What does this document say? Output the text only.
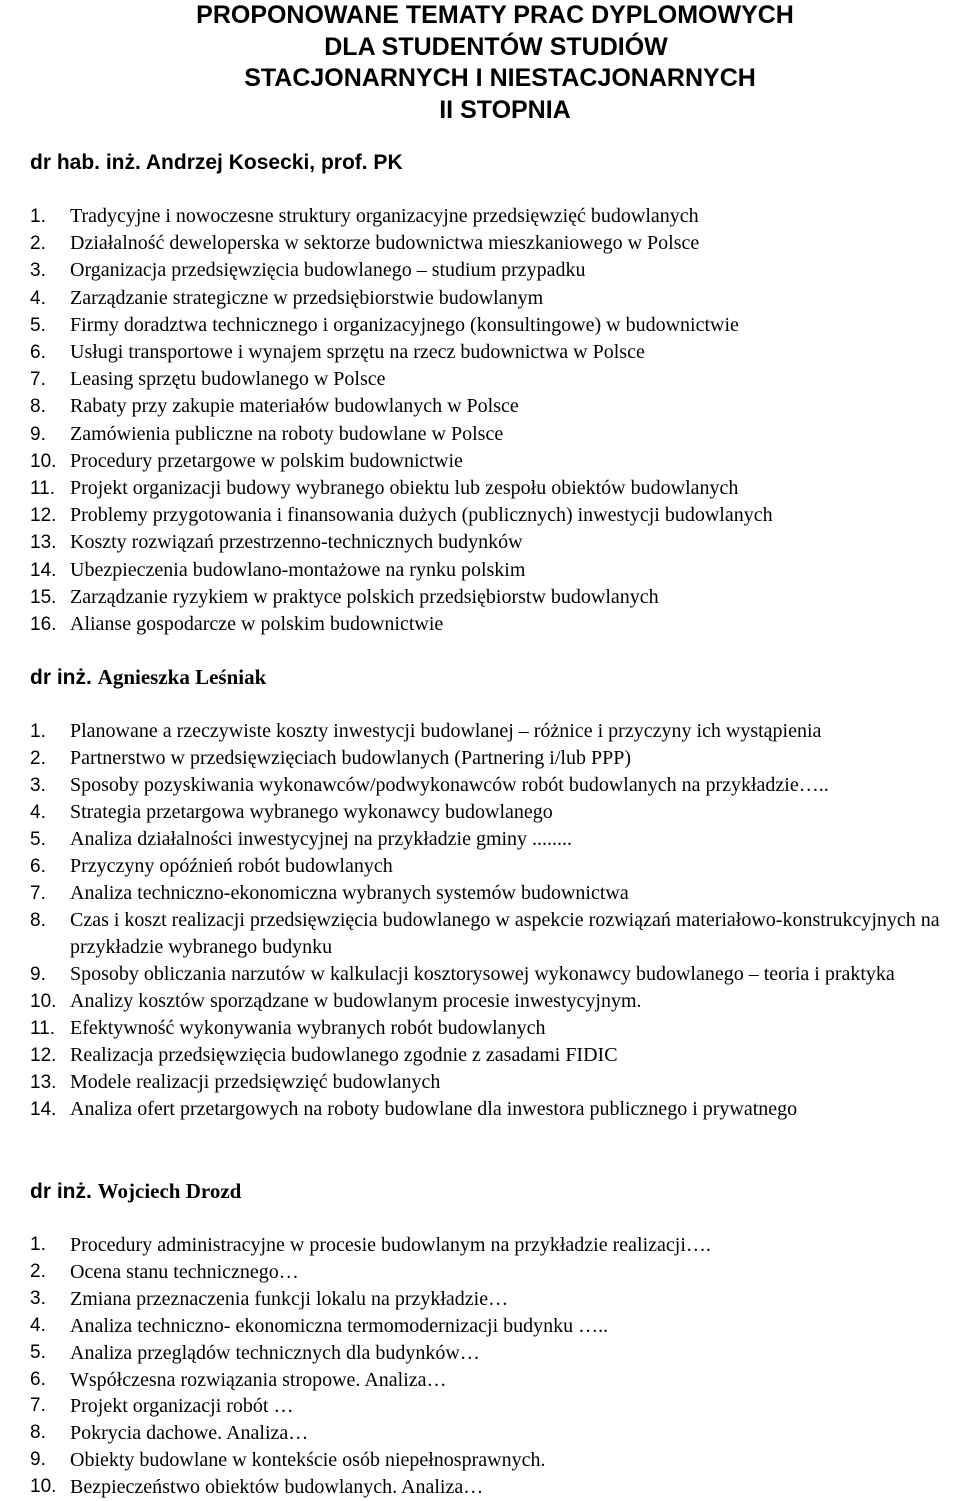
PROPONOWANE TEMATY PRAC DYPLOMOWYCH
DLA STUDENTÓW STUDIÓW
STACJONARNYCH I NIESTACJONARNYCH
II STOPNIA
dr hab. inż. Andrzej Kosecki, prof. PK
1. Tradycyjne i nowoczesne struktury organizacyjne przedsięwzięć budowlanych
2. Działalność deweloperska w sektorze budownictwa mieszkaniowego w Polsce
3. Organizacja przedsięwzięcia budowlanego – studium przypadku
4. Zarządzanie strategiczne w przedsiębiorstwie budowlanym
5. Firmy doradztwa technicznego i organizacyjnego (konsultingowe) w budownictwie
6. Usługi transportowe i wynajem sprzętu na rzecz budownictwa w Polsce
7. Leasing sprzętu budowlanego w Polsce
8. Rabaty przy zakupie materiałów budowlanych w Polsce
9. Zamówienia publiczne na roboty budowlane w Polsce
10. Procedury przetargowe w polskim budownictwie
11. Projekt organizacji budowy wybranego obiektu lub zespołu obiektów budowlanych
12. Problemy przygotowania i finansowania dużych (publicznych) inwestycji budowlanych
13. Koszty rozwiązań przestrzenno-technicznych budynków
14. Ubezpieczenia budowlano-montażowe na rynku polskim
15. Zarządzanie ryzykiem w praktyce polskich przedsiębiorstw budowlanych
16. Alianse gospodarcze w polskim budownictwie
dr inż. Agnieszka Leśniak
1. Planowane a rzeczywiste koszty inwestycji budowlanej – różnice i przyczyny ich wystąpienia
2. Partnerstwo w przedsięwzięciach budowlanych (Partnering i/lub PPP)
3. Sposoby pozyskiwania wykonawców/podwykonawców robót budowlanych na przykładzie…..
4. Strategia przetargowa wybranego wykonawcy budowlanego
5. Analiza działalności inwestycyjnej na przykładzie gminy ........
6. Przyczyny opóźnień robót budowlanych
7. Analiza techniczno-ekonomiczna wybranych systemów budownictwa
8. Czas i koszt realizacji przedsięwzięcia budowlanego w aspekcie rozwiązań materiałowo-konstrukcyjnych na przykładzie wybranego budynku
9. Sposoby obliczania narzutów w kalkulacji kosztorysowej wykonawcy budowlanego – teoria i praktyka
10. Analizy kosztów sporządzane w budowlanym procesie inwestycyjnym.
11. Efektywność wykonywania wybranych robót budowlanych
12. Realizacja przedsięwzięcia budowlanego zgodnie z zasadami FIDIC
13. Modele realizacji przedsięwzięć budowlanych
14. Analiza ofert przetargowych na roboty budowlane dla inwestora publicznego i prywatnego
dr inż. Wojciech Drozd
1. Procedury administracyjne w procesie budowlanym na przykładzie realizacji….
2. Ocena stanu technicznego…
3. Zmiana przeznaczenia funkcji lokalu na przykładzie…
4. Analiza techniczno- ekonomiczna termomodernizacji budynku …..
5. Analiza przeglądów technicznych dla budynków…
6. Współczesna rozwiązania stropowe. Analiza…
7. Projekt organizacji robót …
8. Pokrycia dachowe. Analiza…
9. Obiekty budowlane w kontekście osób niepełnosprawnych.
10. Bezpieczeństwo obiektów budowlanych. Analiza…
